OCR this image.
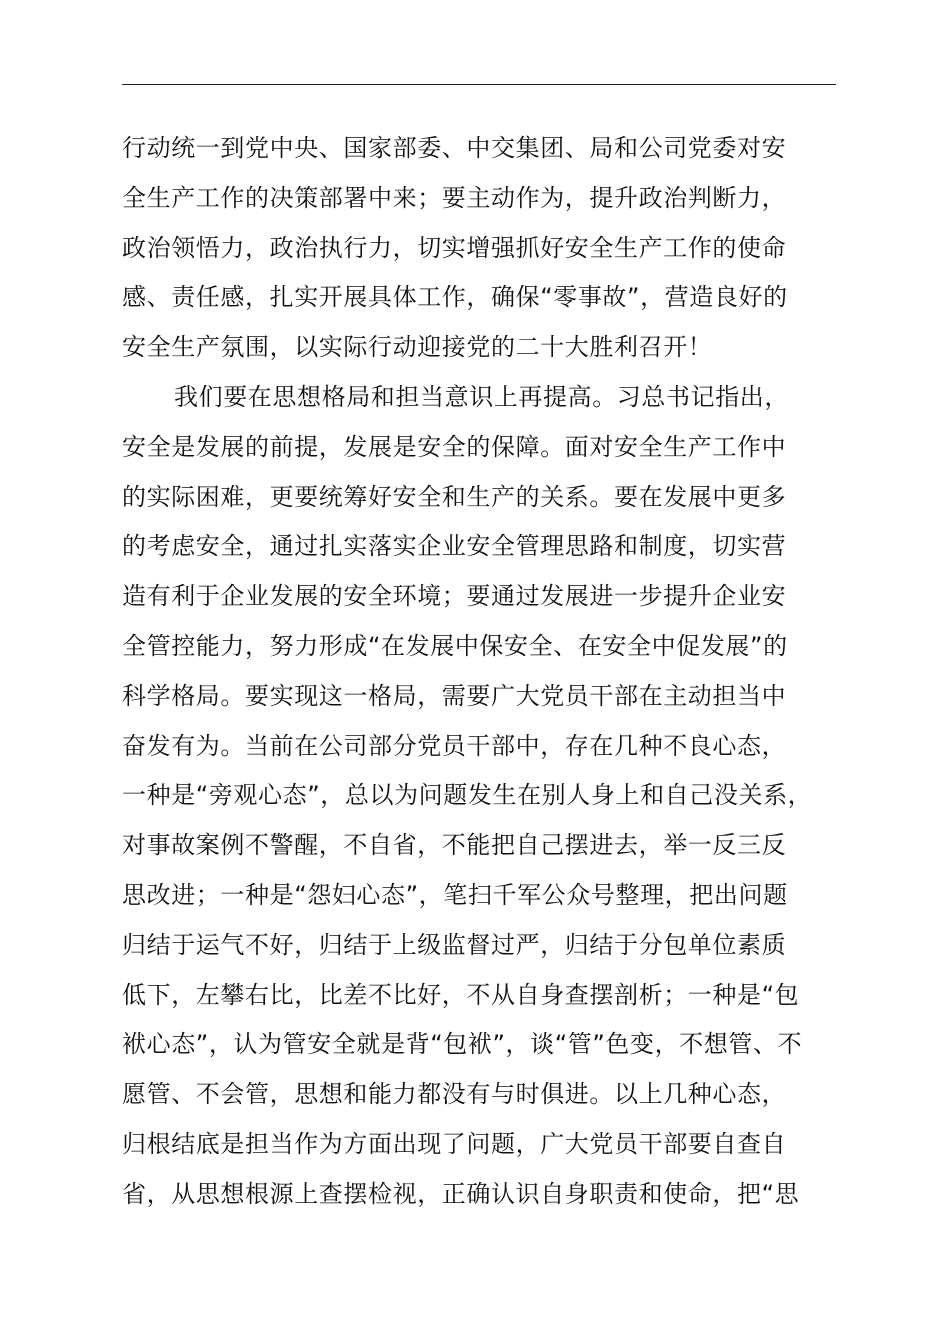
行动统一到党中央、国家部委、中交集团、局和公司党委对安
全生产工作的决策部署中来；要主动作为，提升政治判断力，
政治领悟力，政治执行力，切实增强抓好安全生产工作的使命
感、责任感，扎实开展具体工作，确保“零事故”，营造良好的
安全生产氛围，以实际行动迎接党的二十大胜利召开！
我们要在思想格局和担当意识上再提高。习总书记指出，
安全是发展的前提，发展是安全的保障。面对安全生产工作中
的实际困难，更要统筹好安全和生产的关系。要在发展中更多
的考虑安全，通过扎实落实企业安全管理思路和制度，切实营
造有利于企业发展的安全环境；要通过发展进一步提升企业安
全管控能力，努力形成“在发展中保安全、在安全中促发展”的
科学格局。要实现这一格局，需要广大党员干部在主动担当中
奋发有为。当前在公司部分党员干部中，存在几种不良心态，
一种是“旁观心态”，总以为问题发生在别人身上和自己没关系，
对事故案例不警醒，不自省，不能把自己摆进去，举一反三反
思改进；一种是“怨妇心态”，笔扫千军公众号整理，把出问题
归结于运气不好，归结于上级监督过严，归结于分包单位素质
低下，左攀右比，比差不比好，不从自身查摆剖析；一种是“包
袱心态”，认为管安全就是背“包袱”，谈“管”色变，不想管、不
愿管、不会管，思想和能力都没有与时俱进。以上几种心态，
归根结底是担当作为方面出现了问题，广大党员干部要自查自
省，从思想根源上查摆检视，正确认识自身职责和使命，把“思
